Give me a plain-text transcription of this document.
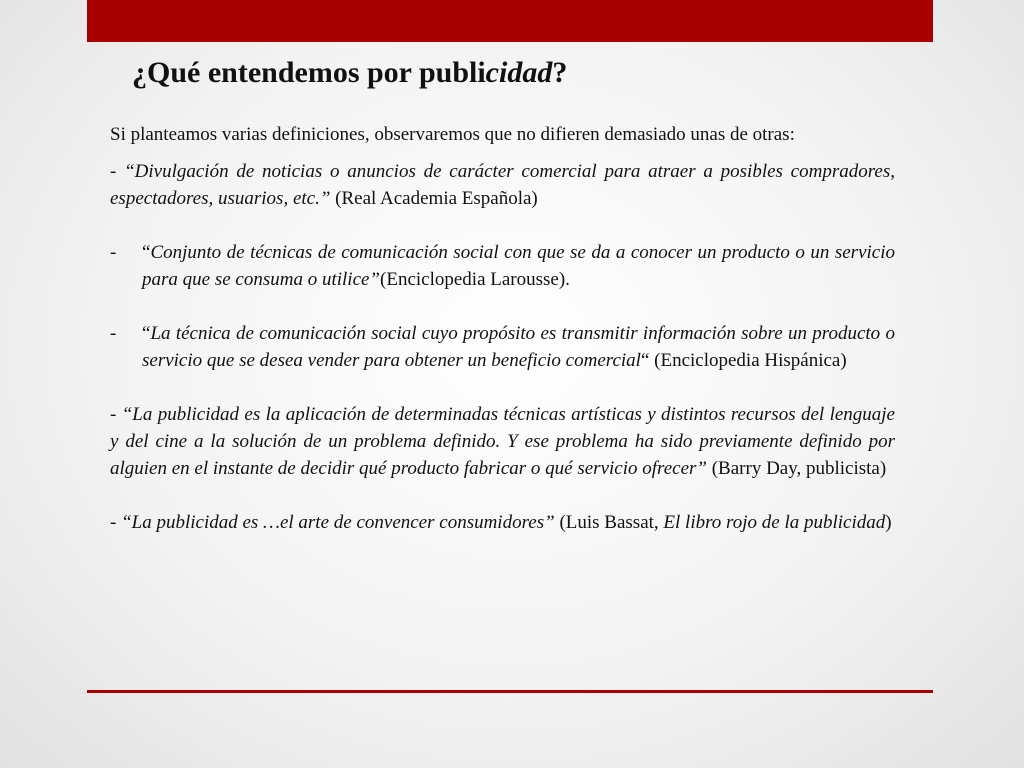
¿Qué entendemos por publicidad?

Si planteamos varias definiciones, observaremos que no difieren demasiado unas de otras:

- “Divulgación de noticias o anuncios de carácter comercial para atraer a posibles compradores, espectadores, usuarios, etc.” (Real Academia Española)

- “Conjunto de técnicas de comunicación social con que se da a conocer un producto o un servicio para que se consuma o utilice”(Enciclopedia Larousse).

- “La técnica de comunicación social cuyo propósito es transmitir información sobre un producto o servicio que se desea vender para obtener un beneficio comercial“ (Enciclopedia Hispánica)

- “La publicidad es la aplicación de determinadas técnicas artísticas y distintos recursos del lenguaje y del cine a la solución de un problema definido. Y ese problema ha sido previamente definido por alguien en el instante de decidir qué producto fabricar o qué servicio ofrecer” (Barry Day, publicista)

- “La publicidad es …el arte de convencer consumidores” (Luis Bassat, El libro rojo de la publicidad)
